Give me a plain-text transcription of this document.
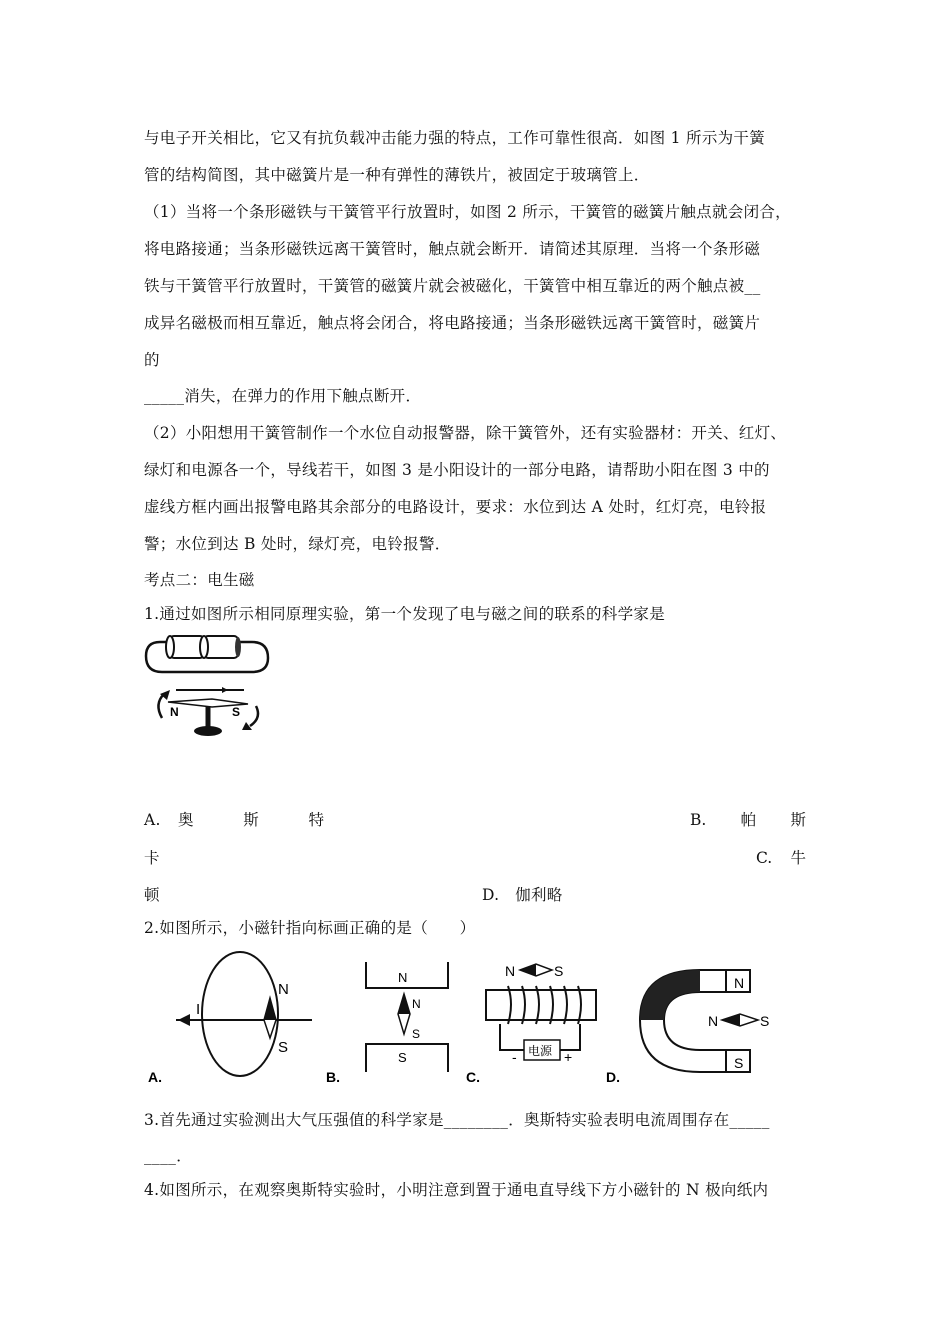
与电子开关相比，它又有抗负载冲击能力强的特点，工作可靠性很高．如图 1 所示为干簧
管的结构简图，其中磁簧片是一种有弹性的薄铁片，被固定于玻璃管上．
（1）当将一个条形磁铁与干簧管平行放置时，如图 2 所示，干簧管的磁簧片触点就会闭合，
将电路接通；当条形磁铁远离干簧管时，触点就会断开．请简述其原理．当将一个条形磁
铁与干簧管平行放置时，干簧管的磁簧片就会被磁化，干簧管中相互靠近的两个触点被__
成异名磁极而相互靠近，触点将会闭合，将电路接通；当条形磁铁远离干簧管时，磁簧片
的
_____消失，在弹力的作用下触点断开．
（2）小阳想用干簧管制作一个水位自动报警器，除干簧管外，还有实验器材：开关、红灯、
绿灯和电源各一个，导线若干，如图 3 是小阳设计的一部分电路，请帮助小阳在图 3 中的
虚线方框内画出报警电路其余部分的电路设计，要求：水位到达 A 处时，红灯亮，电铃报
警；水位到达 B 处时，绿灯亮，电铃报警．
考点二：电生磁
1.通过如图所示相同原理实验，第一个发现了电与磁之间的联系的科学家是
N	S
A. 奥	斯	特	B. 帕 斯
卡	C. 牛
顿	D.　伽利略
2.如图所示，小磁针指向标画正确的是（　　）
I
N
S
A.
N
N
S
S
B.
N	S
电源
-	+
C.
N
S
N	S
D.
3.首先通过实验测出大气压强值的科学家是________．奥斯特实验表明电流周围存在_____
____．
4.如图所示，在观察奥斯特实验时，小明注意到置于通电直导线下方小磁针的 N 极向纸内
